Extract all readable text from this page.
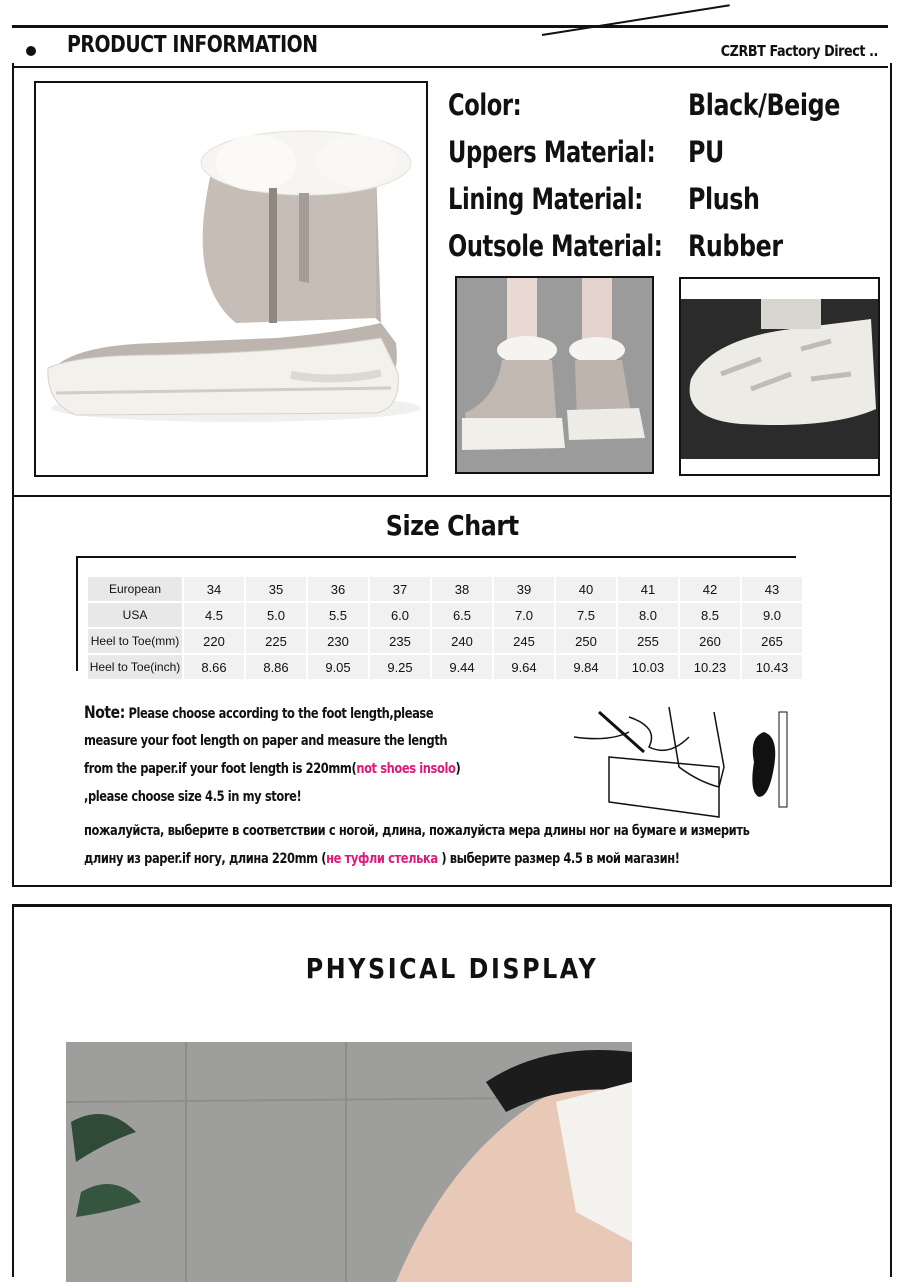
PRODUCT INFORMATION	CZRBT Factory Direct ..
Color:	Black/Beige
Uppers Material: PU
Lining Material: Plush
Outsole Material: Rubber
Size Chart
European	34	35	36	37	38	39	40	41	42	43
USA	4.5	5.0	5.5	6.0	6.5	7.0	7.5	8.0	8.5	9.0
Heel to Toe(mm)	220	225	230	235	240	245	250	255	260	265
Heel to Toe(inch)	8.66	8.86	9.05	9.25	9.44	9.64	9.84	10.03	10.23	10.43
Note: Please choose according to the foot length,please
measure your foot length on paper and measure the length
from the paper.if your foot length is 220mm(not shoes insolo)
,please choose size 4.5 in my store!
пожалуйста, выберите в соответствии с ногой, длина, пожалуйста мера длины ног на бумаге и измерить
длину из paper.if ногу, длина 220mm (не туфли стелька ) выберите размер 4.5 в мой магазин!
PHYSICAL DISPLAY
